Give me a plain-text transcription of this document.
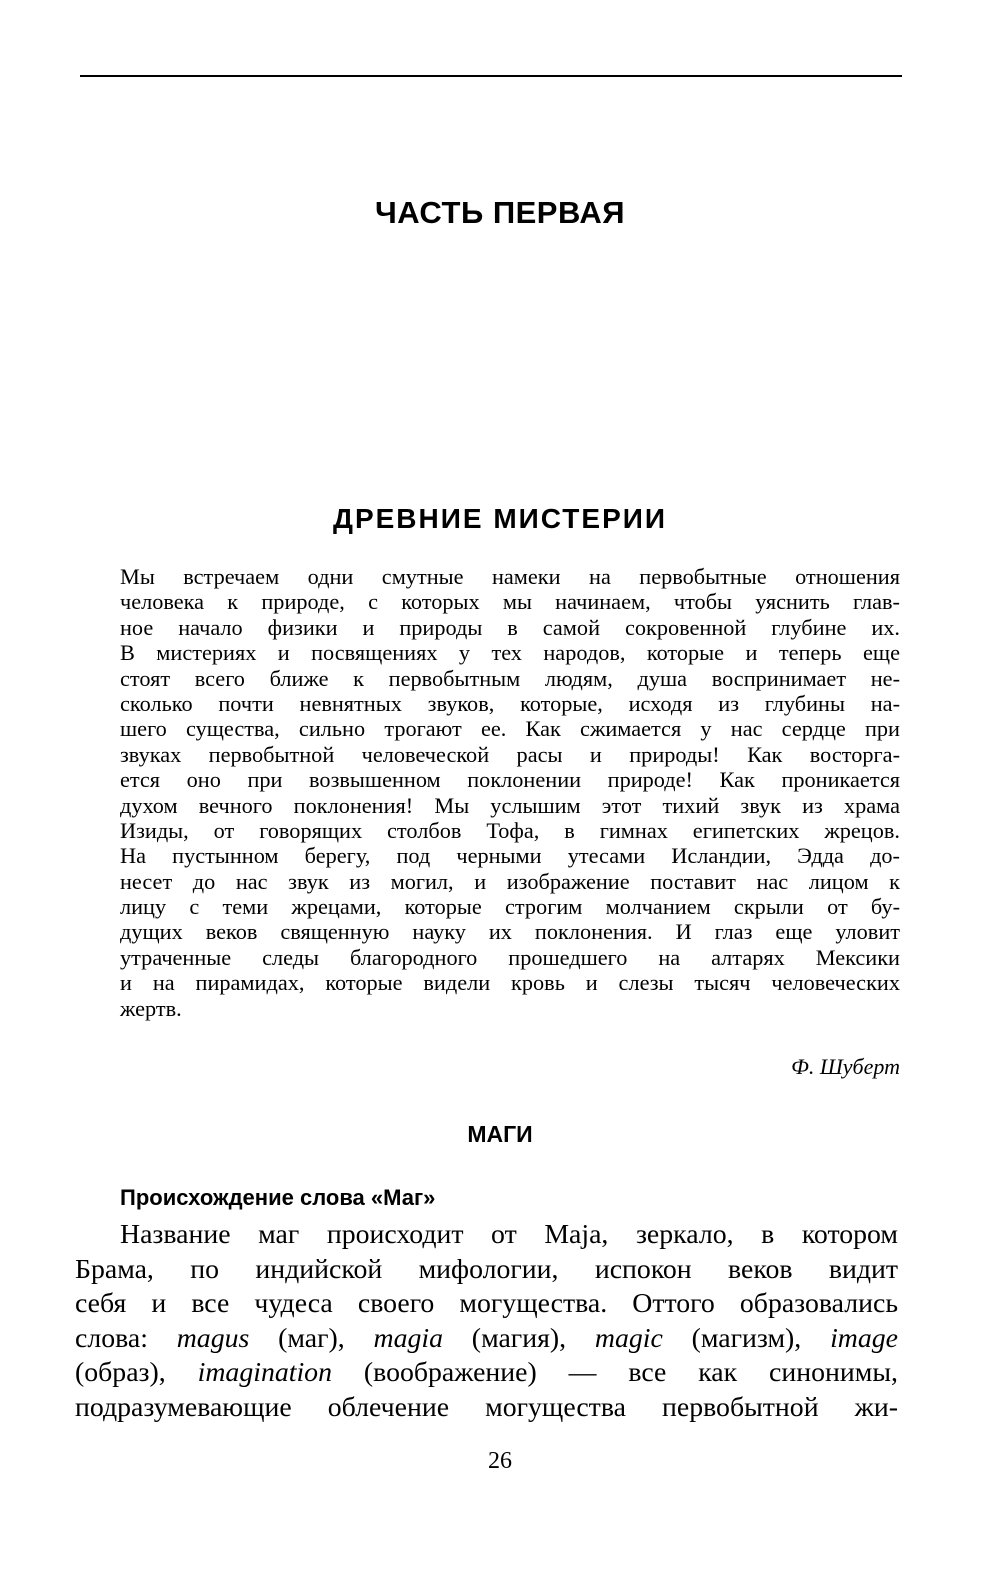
ЧАСТЬ ПЕРВАЯ
ДРЕВНИЕ МИСТЕРИИ
Мы встречаем одни смутные намеки на первобытные отношения
человека к природе, с которых мы начинаем, чтобы уяснить глав-
ное начало физики и природы в самой сокровенной глубине их.
В мистериях и посвящениях у тех народов, которые и теперь еще
стоят всего ближе к первобытным людям, душа воспринимает не-
сколько почти невнятных звуков, которые, исходя из глубины на-
шего существа, сильно трогают ее. Как сжимается у нас сердце при
звуках первобытной человеческой расы и природы! Как восторга-
ется оно при возвышенном поклонении природе! Как проникается
духом вечного поклонения! Мы услышим этот тихий звук из храма
Изиды, от говорящих столбов Тофа, в гимнах египетских жрецов.
На пустынном берегу, под черными утесами Исландии, Эдда до-
несет до нас звук из могил, и изображение поставит нас лицом к
лицу с теми жрецами, которые строгим молчанием скрыли от бу-
дущих веков священную науку их поклонения. И глаз еще уловит
утраченные следы благородного прошедшего на алтарях Мексики
и на пирамидах, которые видели кровь и слезы тысяч человеческих
жертв.
Ф. Шуберт
МАГИ
Происхождение слова «Маг»
Название маг происходит от Maja, зеркало, в котором
Брама, по индийской мифологии, испокон веков видит
себя и все чудеса своего могущества. Оттого образовались
слова: magus (маг), magia (магия), magic (магизм), image
(образ), imagination (воображение) — все как синонимы,
подразумевающие облечение могущества первобытной жи-
26
